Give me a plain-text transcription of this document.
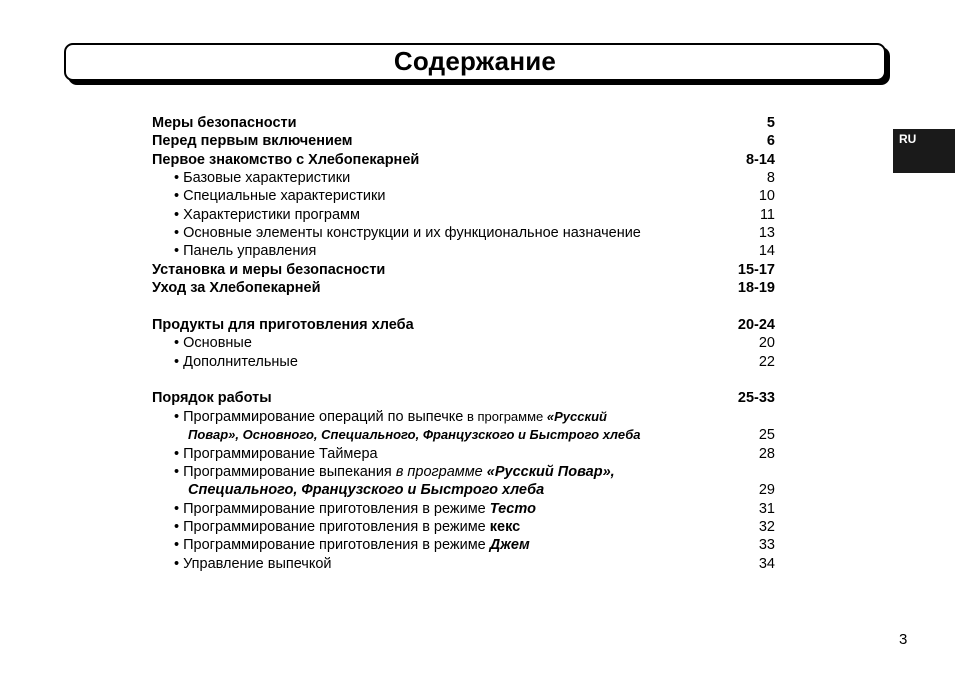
Содержание
RU
Меры безопасности	5
Перед первым включением	6
Первое знакомство с Хлебопекарней	8-14
• Базовые характеристики	8
• Специальные характеристики	10
• Характеристики программ	11
• Основные элементы конструкции и их функциональное назначение	13
• Панель управления	14
Установка и меры безопасности	15-17
Уход за Хлебопекарней	18-19
Продукты для приготовления хлеба	20-24
• Основные	20
• Дополнительные	22
Порядок работы	25-33
• Программирование операций по выпечке в программе «Русский
Повар», Основного, Специального, Французского и Быстрого хлеба	25
• Программирование Таймера	28
• Программирование выпекания в программе «Русский Повар»,
Специального, Французского и Быстрого хлеба	29
• Программирование приготовления в режиме Тесто	31
• Программирование приготовления в режиме кекс	32
• Программирование приготовления в режиме Джем	33
• Управление выпечкой	34
3
